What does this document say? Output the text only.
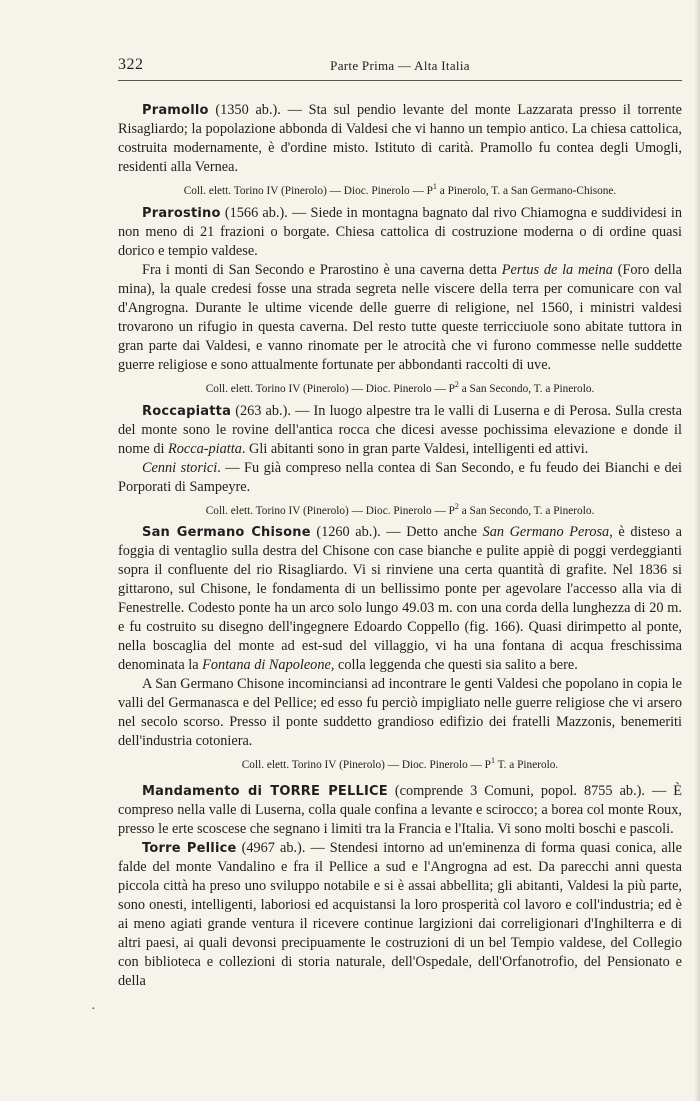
322	Parte Prima — Alta Italia

Pramollo (1350 ab.). — Sta sul pendio levante del monte Lazzarata presso il torrente Risagliardo; la popolazione abbonda di Valdesi che vi hanno un tempio antico. La chiesa cattolica, costruita modernamente, è d'ordine misto. Istituto di carità. Pramollo fu contea degli Umogli, residenti alla Vernea.

Coll. elett. Torino IV (Pinerolo) — Dioc. Pinerolo — $P^1$ a Pinerolo, T. a San Germano-Chisone.

Prarostino (1566 ab.). — Siede in montagna bagnato dal rivo Chiamogna e suddividesi in non meno di 21 frazioni o borgate. Chiesa cattolica di costruzione moderna o di ordine quasi dorico e tempio valdese.

Fra i monti di San Secondo e Prarostino è una caverna detta Pertus de la meina (Foro della mina), la quale credesi fosse una strada segreta nelle viscere della terra per comunicare con val d'Angrogna. Durante le ultime vicende delle guerre di religione, nel 1560, i ministri valdesi trovarono un rifugio in questa caverna. Del resto tutte queste terricciuole sono abitate tuttora in gran parte dai Valdesi, e vanno rinomate per le atrocità che vi furono commesse nelle suddette guerre religiose e sono attualmente fortunate per abbondanti raccolti di uve.

Coll. elett. Torino IV (Pinerolo) — Dioc. Pinerolo — $P^2$ a San Secondo, T. a Pinerolo.

Roccapiatta (263 ab.). — In luogo alpestre tra le valli di Luserna e di Perosa. Sulla cresta del monte sono le rovine dell'antica rocca che dicesi avesse pochissima elevazione e donde il nome di Rocca-piatta. Gli abitanti sono in gran parte Valdesi, intelligenti ed attivi.

Cenni storici. — Fu già compreso nella contea di San Secondo, e fu feudo dei Bianchi e dei Porporati di Sampeyre.

Coll. elett. Torino IV (Pinerolo) — Dioc. Pinerolo — $P^2$ a San Secondo, T. a Pinerolo.

San Germano Chisone (1260 ab.). — Detto anche San Germano Perosa, è disteso a foggia di ventaglio sulla destra del Chisone con case bianche e pulite appiè di poggi verdeggianti sopra il confluente del rio Risagliardo. Vi si rinviene una certa quantità di grafite. Nel 1836 si gittarono, sul Chisone, le fondamenta di un bellissimo ponte per agevolare l'accesso alla via di Fenestrelle. Codesto ponte ha un arco solo lungo 49.03 m. con una corda della lunghezza di 20 m. e fu costruito su disegno dell'ingegnere Edoardo Coppello (fig. 166). Quasi dirimpetto al ponte, nella boscaglia del monte ad est-sud del villaggio, vi ha una fontana di acqua freschissima denominata la Fontana di Napoleone, colla leggenda che questi sia salito a bere.

A San Germano Chisone incominciansi ad incontrare le genti Valdesi che popolano in copia le valli del Germanasca e del Pellice; ed esso fu perciò impigliato nelle guerre religiose che vi arsero nel secolo scorso. Presso il ponte suddetto grandioso edifizio dei fratelli Mazzonis, benemeriti dell'industria cotoniera.

Coll. elett. Torino IV (Pinerolo) — Dioc. Pinerolo — $P^1$ T. a Pinerolo.

Mandamento di TORRE PELLICE (comprende 3 Comuni, popol. 8755 ab.). — È compreso nella valle di Luserna, colla quale confina a levante e scirocco; a borea col monte Roux, presso le erte scoscese che segnano i limiti tra la Francia e l'Italia. Vi sono molti boschi e pascoli.

Torre Pellice (4967 ab.). — Stendesi intorno ad un'eminenza di forma quasi conica, alle falde del monte Vandalino e fra il Pellice a sud e l'Angrogna ad est. Da parecchi anni questa piccola città ha preso uno sviluppo notabile e si è assai abbellita; gli abitanti, Valdesi la più parte, sono onesti, intelligenti, laboriosi ed acquistansi la loro prosperità col lavoro e coll'industria; ed è ai meno agiati grande ventura il ricevere continue largizioni dai correligionari d'Inghilterra e di altri paesi, ai quali devonsi precipuamente le costruzioni di un bel Tempio valdese, del Collegio con biblioteca e collezioni di storia naturale, dell'Ospedale, dell'Orfanotrofio, del Pensionato e della

·
